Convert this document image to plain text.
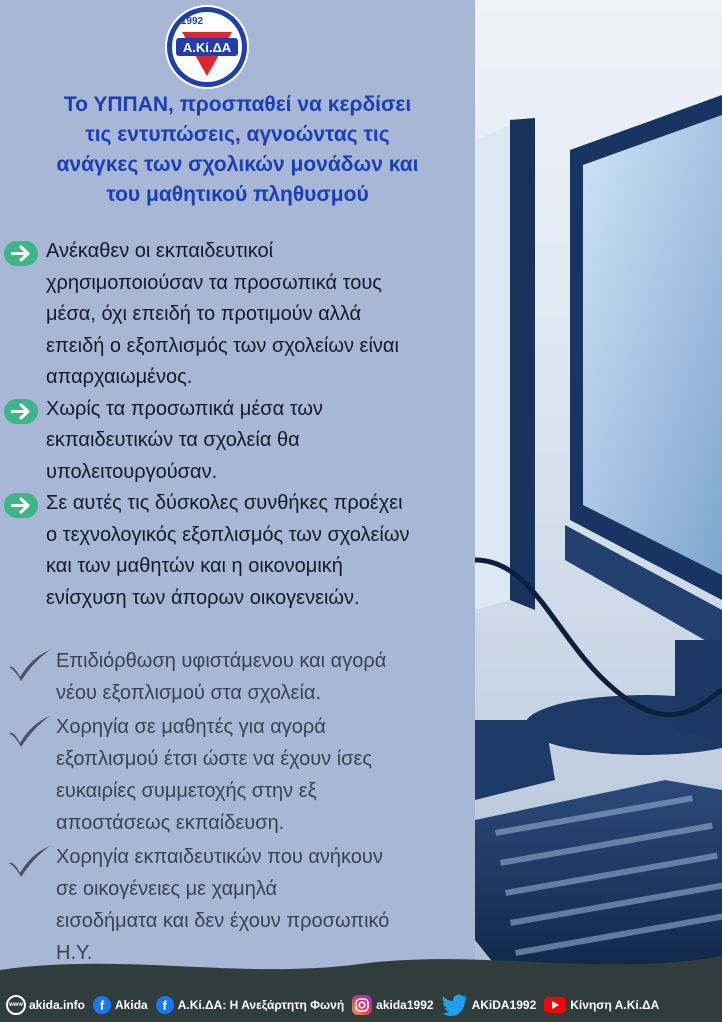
Α.Κί.ΔΑ
1992
Το ΥΠΠΑΝ, προσπαθεί να κερδίσει
τις εντυπώσεις, αγνοώντας τις
ανάγκες των σχολικών μονάδων και
του μαθητικού πληθυσμού
Ανέκαθεν οι εκπαιδευτικοί
χρησιμοποιούσαν τα προσωπικά τους
μέσα, όχι επειδή το προτιμούν αλλά
επειδή ο εξοπλισμός των σχολείων είναι
απαρχαιωμένος.
Χωρίς τα προσωπικά μέσα των
εκπαιδευτικών τα σχολεία θα
υπολειτουργούσαν.
Σε αυτές τις δύσκολες συνθήκες προέχει
ο τεχνολογικός εξοπλισμός των σχολείων
και των μαθητών και η οικονομική
ενίσχυση των άπορων οικογενειών.
Επιδιόρθωση υφιστάμενου και αγορά
νέου εξοπλισμού στα σχολεία.
Χορηγία σε μαθητές για αγορά
εξοπλισμού έτσι ώστε να έχουν ίσες
ευκαιρίες συμμετοχής στην εξ
αποστάσεως εκπαίδευση.
Χορηγία εκπαιδευτικών που ανήκουν
σε οικογένειες με χαμηλά
εισοδήματα και δεν έχουν προσωπικό
Η.Υ.
www akida.info	f Akida	f Α.Κί.ΔΑ: Η Ανεξάρτητη Φωνή	akida1992	AKiDA1992	Κίνηση Α.Κί.ΔΑ
